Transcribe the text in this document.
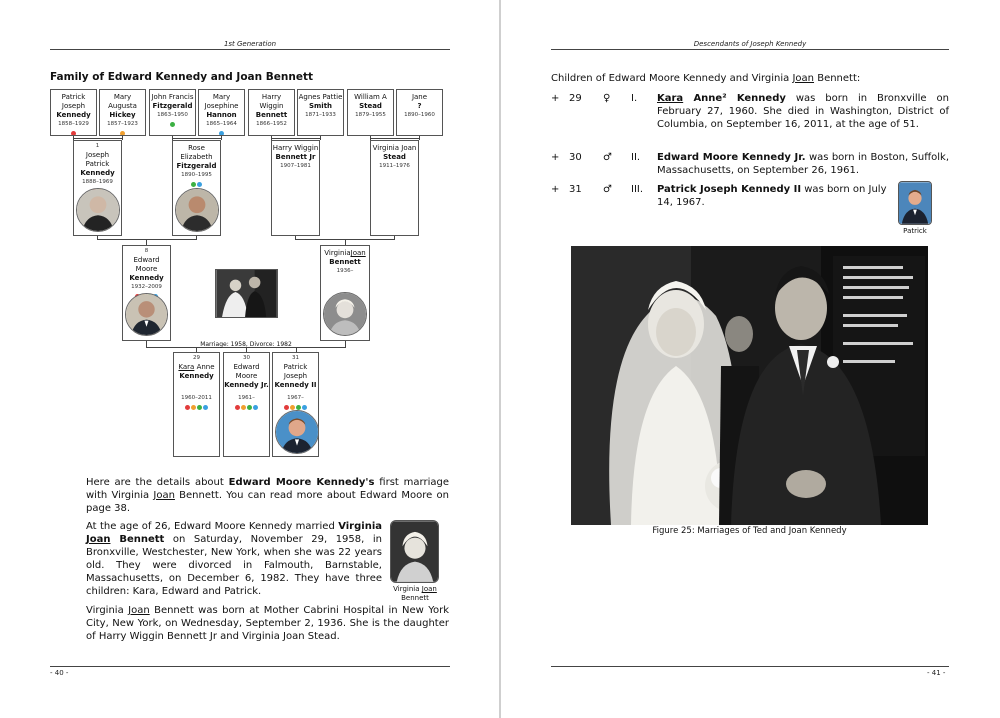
1st Generation
Family of Edward Kennedy and Joan Bennett
8
Edward
Moore
Kennedy
1932–2009
VirginiaJoan
Bennett
1936–
Marriage: 1958, Divorce: 1982
Here are the details about Edward Moore Kennedy's first marriage with Virginia Joan Bennett. You can read more about Edward Moore on page 38.
At the age of 26, Edward Moore Kennedy married Virginia Joan Bennett on Saturday, November 29, 1958, in Bronxville, Westchester, New York, when she was 22 years old. They were divorced in Falmouth, Barnstable, Massachusetts, on December 6, 1982. They have three children: Kara, Edward and Patrick.	Virginia Joan
Bennett
Virginia Joan Bennett was born at Mother Cabrini Hospital in New York City, New York, on Wednesday, September 2, 1936. She is the daughter of Harry Wiggin Bennett Jr and Virginia Joan Stead.
- 40 -
Patrick
Joseph
Kennedy
1858–1929
Mary
Augusta
Hickey
1857–1923
John Francis
Fitzgerald
1863–1950
Mary
Josephine
Hannon
1865–1964
Harry
Wiggin
Bennett
1866–1952
Agnes Pattie
Smith
1871–1933
William A
Stead
1879–1955
Jane
?
1890–1960
1
Joseph
Patrick
Kennedy
1888–1969
Rose
Elizabeth
Fitzgerald
1890–1995
Harry Wiggin
Bennett Jr
1907–1981
Virginia Joan
Stead
1911–1976
29
Kara Anne
Kennedy
1960–2011
30
Edward
Moore
Kennedy Jr.
1961–
31
Patrick
Joseph
Kennedy II
1967–
Descendants of Joseph Kennedy
- 41 -
Children of Edward Moore Kennedy and Virginia Joan Bennett:
+ 29 ♀ I. Kara Anne² Kennedy was born in Bronxville on February 27, 1960. She died in Washington, District of Columbia, on September 16, 2011, at the age of 51.
+ 30 ♂ II. Edward Moore Kennedy Jr. was born in Boston, Suffolk, Massachusetts, on September 26, 1961.
+ 31 ♂ III. Patrick Joseph Kennedy II was born on July 14, 1967.
Patrick
Figure 25: Marriages of Ted and Joan Kennedy
